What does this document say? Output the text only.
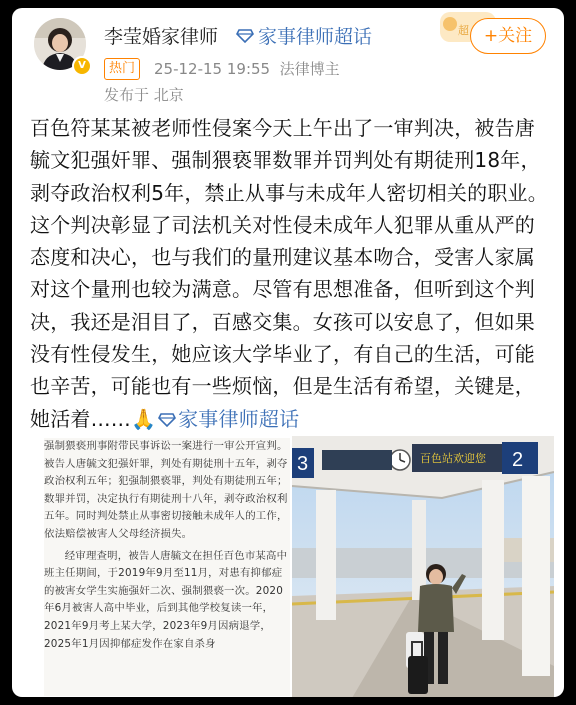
V
李莹婚家律师 家事律师超话	超 +关注
热门	25-12-15 19:55 法律博主
发布于 北京
百色符某某被老师性侵案今天上午出了一审判决，被告唐毓文犯强奸罪、强制猥亵罪数罪并罚判处有期徒刑18年，剥夺政治权利5年，禁止从事与未成年人密切相关的职业。这个判决彰显了司法机关对性侵未成年人犯罪从重从严的态度和决心，也与我们的量刑建议基本吻合，受害人家属对这个量刑也较为满意。尽管有思想准备，但听到这个判决，我还是泪目了，百感交集。女孩可以安息了，但如果没有性侵发生，她应该大学毕业了，有自己的生活，可能也辛苦，可能也有一些烦恼，但是生活有希望，关键是，她活着……🙏 家事律师超话

强制猥亵刑事附带民事诉讼一案进行一审公开宣判。被告人唐毓文犯强奸罪，判处有期徒刑十五年，剥夺政治权利五年；犯强制猥亵罪，判处有期徒刑五年；数罪并罚，决定执行有期徒刑十八年，剥夺政治权利五年。同时判处禁止从事密切接触未成年人的工作，依法赔偿被害人父母经济损失。

经审理查明，被告人唐毓文在担任百色市某高中班主任期间，于2019年9月至11月，对患有抑郁症的被害女学生实施强奸二次、强制猥亵一次。2020年6月被害人高中毕业，后到其他学校复读一年，2021年9月考上某大学，2023年9月因病退学，2025年1月因抑郁症发作在家自杀身

百色站欢迎您 2
3
